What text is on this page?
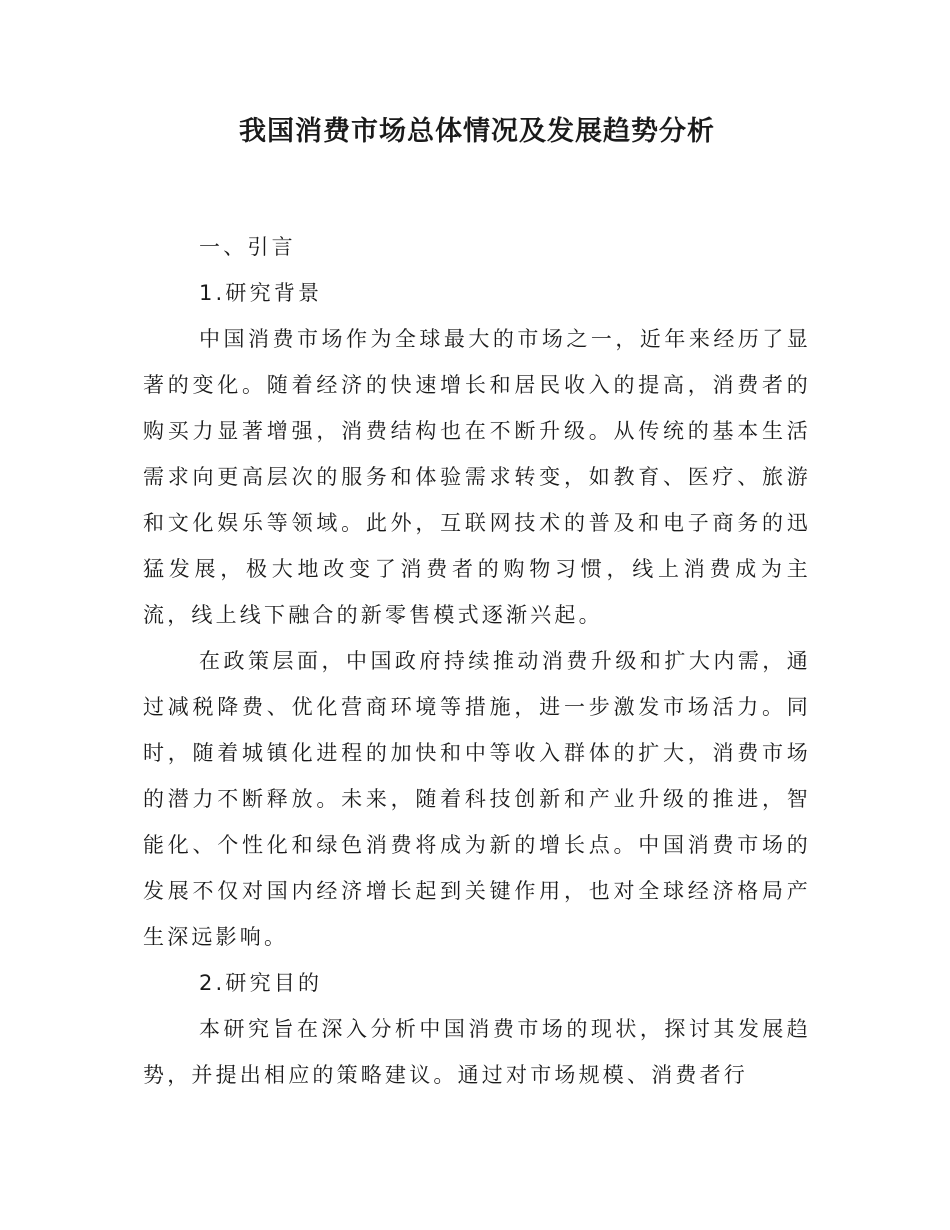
我国消费市场总体情况及发展趋势分析
一、引言
1.研究背景

中国消费市场作为全球最大的市场之一，近年来经历了显著的变化。随着经济的快速增长和居民收入的提高，消费者的购买力显著增强，消费结构也在不断升级。从传统的基本生活需求向更高层次的服务和体验需求转变，如教育、医疗、旅游和文化娱乐等领域。此外，互联网技术的普及和电子商务的迅猛发展，极大地改变了消费者的购物习惯，线上消费成为主流，线上线下融合的新零售模式逐渐兴起。

在政策层面，中国政府持续推动消费升级和扩大内需，通过减税降费、优化营商环境等措施，进一步激发市场活力。同时，随着城镇化进程的加快和中等收入群体的扩大，消费市场的潜力不断释放。未来，随着科技创新和产业升级的推进，智能化、个性化和绿色消费将成为新的增长点。中国消费市场的发展不仅对国内经济增长起到关键作用，也对全球经济格局产生深远影响。

2.研究目的

本研究旨在深入分析中国消费市场的现状，探讨其发展趋势，并提出相应的策略建议。通过对市场规模、消费者行
